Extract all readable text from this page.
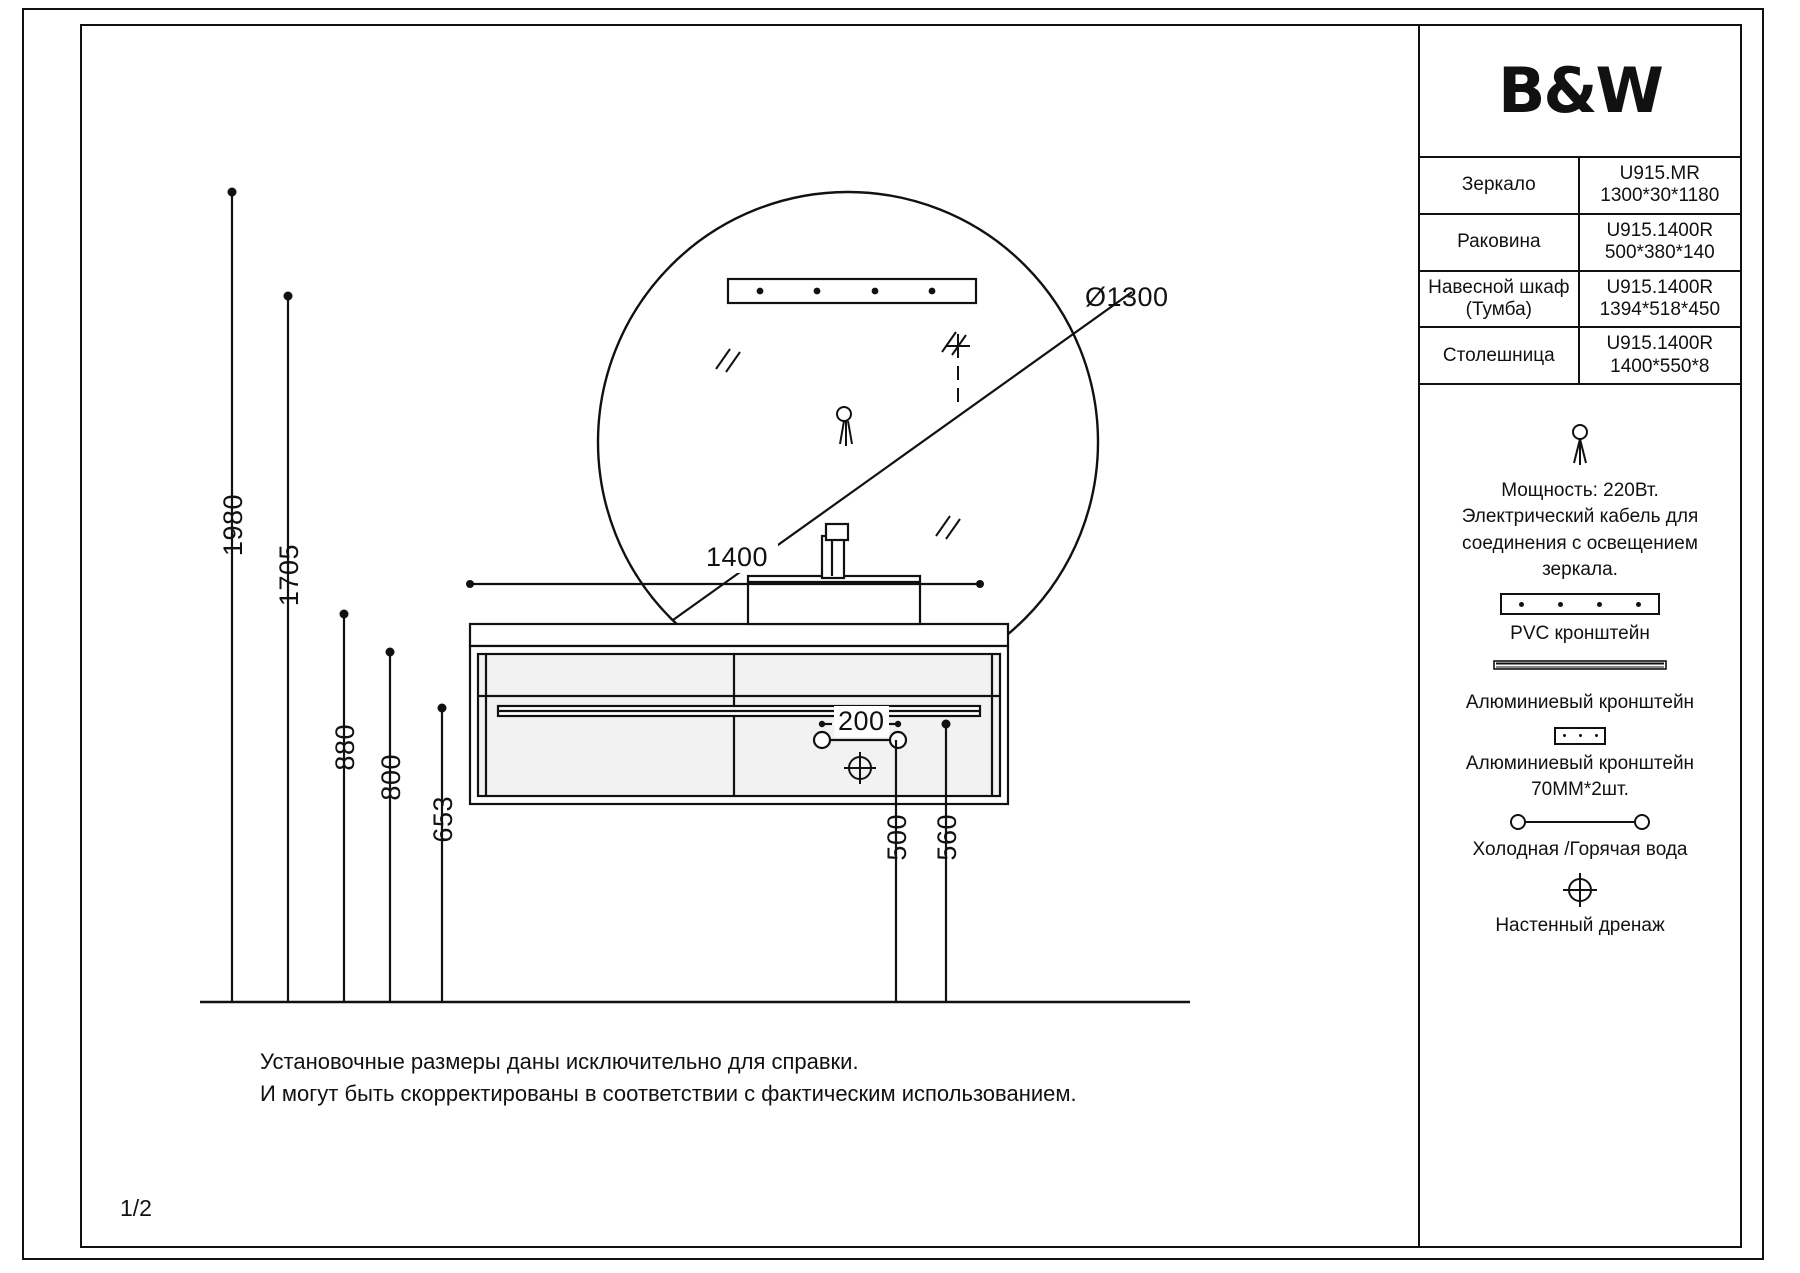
Ø1300
1400
1980
1705
880
800
653
200
500 560
Установочные размеры даны исключительно для справки.
И могут быть скорректированы в соответствии с фактическим использованием.
1/2
B&W
Зеркало	U915.MR
1300*30*1180

Раковина	U915.1400R
500*380*140

Навесной шкаф (Тумба)	U915.1400R
1394*518*450

Столешница	U915.1400R
1400*550*8
Мощность: 220Вт.
Электрический кабель для
соединения с освещением
зеркала.
PVC кронштейн
Алюминиевый кронштейн
Алюминиевый кронштейн
70MM*2шт.
Холодная /Горячая вода
Настенный дренаж
